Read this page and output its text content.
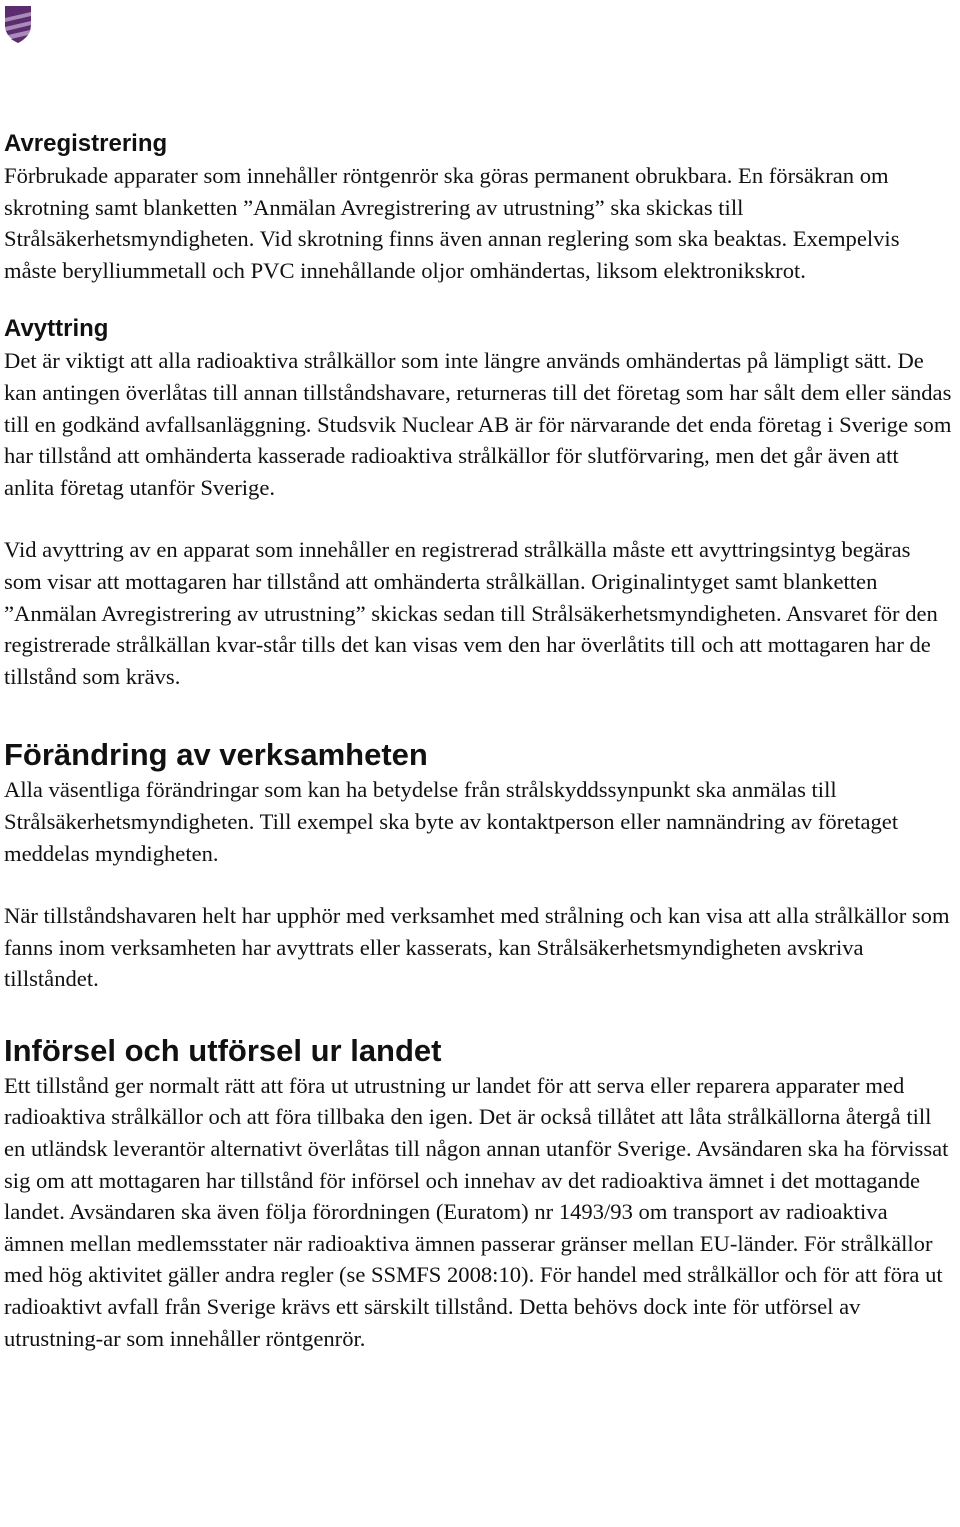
Avregistrering

Förbrukade apparater som innehåller röntgenrör ska göras permanent obrukbara. En försäkran om skrotning samt blanketten ”Anmälan Avregistrering av utrustning” ska skickas till Strålsäkerhetsmyndigheten. Vid skrotning finns även annan reglering som ska beaktas. Exempelvis måste berylliummetall och PVC innehållande oljor omhändertas, liksom elektronikskrot.

Avyttring

Det är viktigt att alla radioaktiva strålkällor som inte längre används omhändertas på lämpligt sätt. De kan antingen överlåtas till annan tillståndshavare, returneras till det företag som har sålt dem eller sändas till en godkänd avfallsanläggning. Studsvik Nuclear AB är för närvarande det enda företag i Sverige som har tillstånd att omhänderta kasserade radioaktiva strålkällor för slutförvaring, men det går även att anlita företag utanför Sverige.

Vid avyttring av en apparat som innehåller en registrerad strålkälla måste ett avyttringsintyg begäras som visar att mottagaren har tillstånd att omhänderta strålkällan. Originalintyget samt blanketten ”Anmälan Avregistrering av utrustning” skickas sedan till Strålsäkerhetsmyndigheten. Ansvaret för den registrerade strålkällan kvar-står tills det kan visas vem den har överlåtits till och att mottagaren har de tillstånd som krävs.

Förändring av verksamheten

Alla väsentliga förändringar som kan ha betydelse från strålskyddssynpunkt ska anmälas till Strålsäkerhetsmyndigheten. Till exempel ska byte av kontaktperson eller namnändring av företaget meddelas myndigheten.

När tillståndshavaren helt har upphör med verksamhet med strålning och kan visa att alla strålkällor som fanns inom verksamheten har avyttrats eller kasserats, kan Strålsäkerhetsmyndigheten avskriva tillståndet.

Införsel och utförsel ur landet

Ett tillstånd ger normalt rätt att föra ut utrustning ur landet för att serva eller reparera apparater med radioaktiva strålkällor och att föra tillbaka den igen. Det är också tillåtet att låta strålkällorna återgå till en utländsk leverantör alternativt överlåtas till någon annan utanför Sverige. Avsändaren ska ha förvissat sig om att mottagaren har tillstånd för införsel och innehav av det radioaktiva ämnet i det mottagande landet. Avsändaren ska även följa förordningen (Euratom) nr 1493/93 om transport av radioaktiva ämnen mellan medlemsstater när radioaktiva ämnen passerar gränser mellan EU-länder. För strålkällor med hög aktivitet gäller andra regler (se SSMFS 2008:10). För handel med strålkällor och för att föra ut radioaktivt avfall från Sverige krävs ett särskilt tillstånd. Detta behövs dock inte för utförsel av utrustning-ar som innehåller röntgenrör.
